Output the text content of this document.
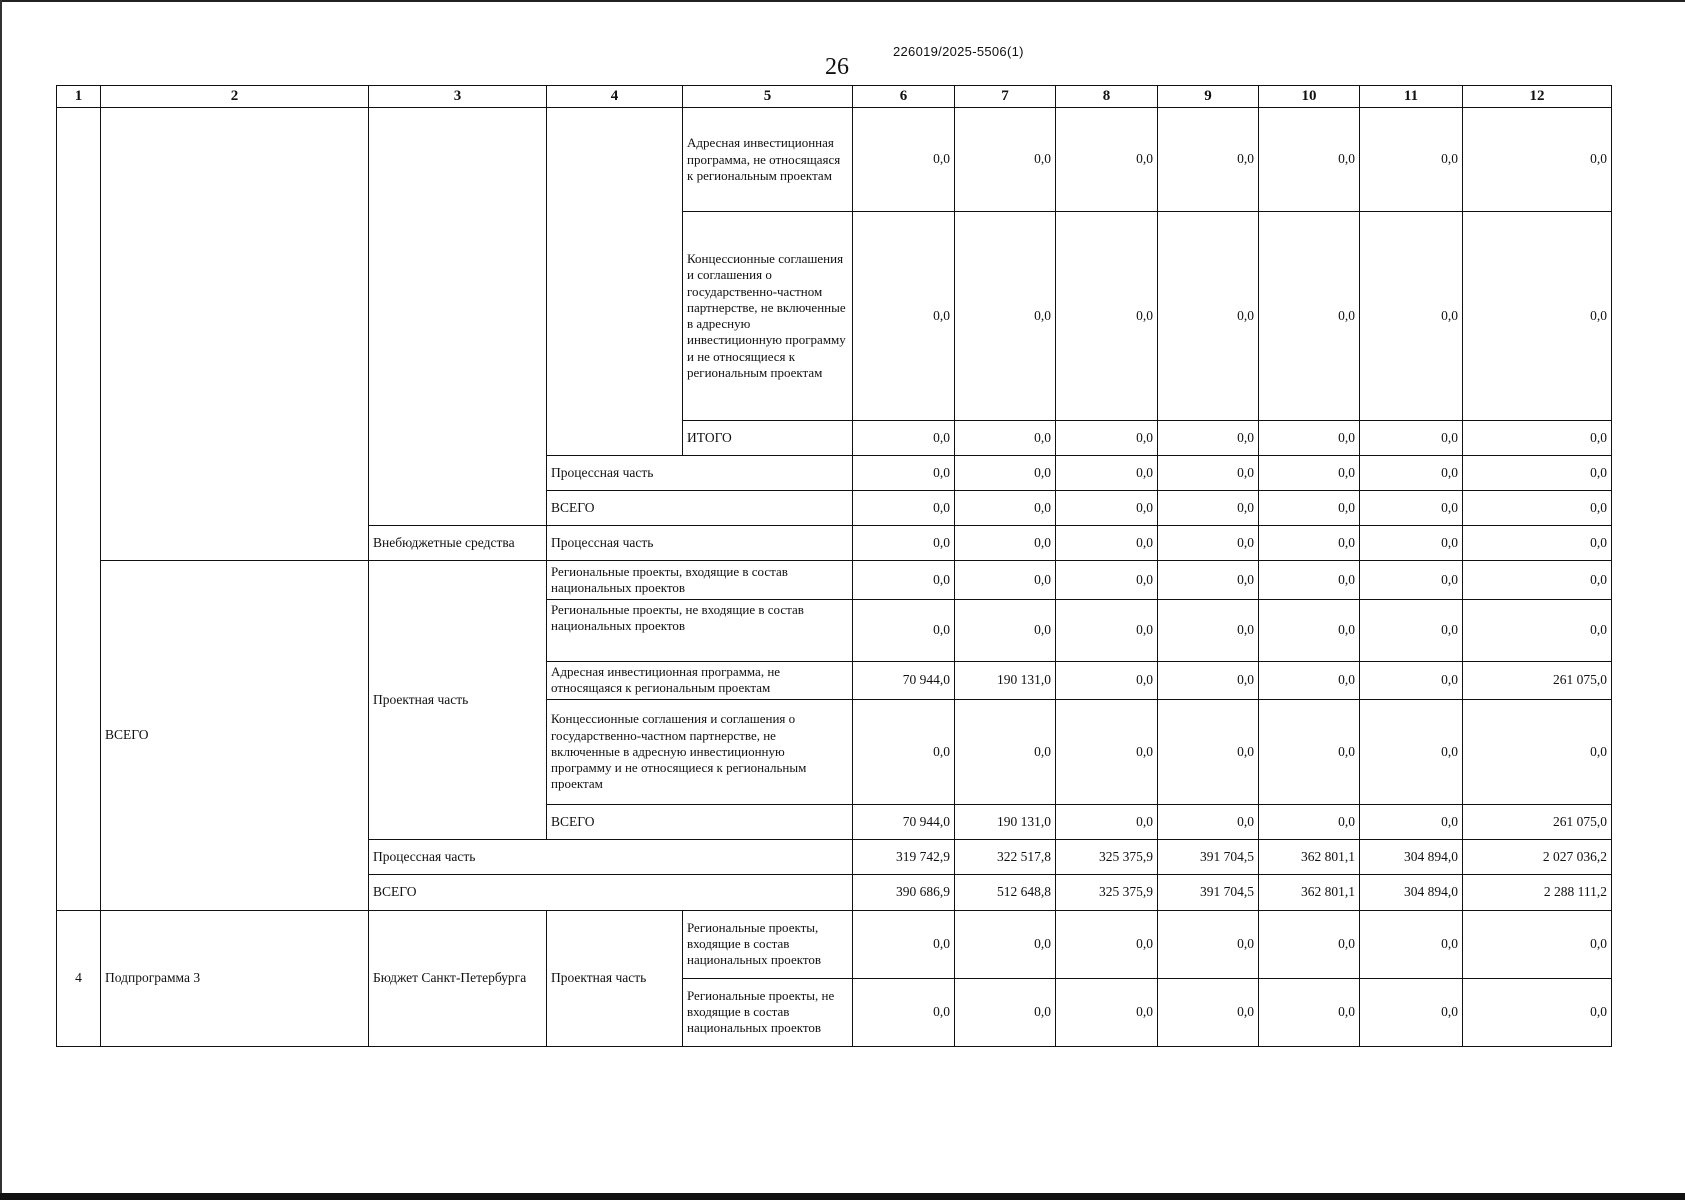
226019/2025-5506(1)
26
1	2	3	4	5	6	7	8	9	10	11	12
				Адресная инвестиционная программа, не относящаяся к региональным проектам	0,0	0,0	0,0	0,0	0,0	0,0	0,0
				Концессионные соглашения и соглашения о государственно-частном партнерстве, не включенные в адресную инвестиционную программу и не относящиеся к региональным проектам	0,0	0,0	0,0	0,0	0,0	0,0	0,0
				ИТОГО	0,0	0,0	0,0	0,0	0,0	0,0	0,0
			Процессная часть		0,0	0,0	0,0	0,0	0,0	0,0	0,0
			ВСЕГО		0,0	0,0	0,0	0,0	0,0	0,0	0,0
		Внебюджетные средства	Процессная часть		0,0	0,0	0,0	0,0	0,0	0,0	0,0
	ВСЕГО	Проектная часть	Региональные проекты, входящие в состав национальных проектов		0,0	0,0	0,0	0,0	0,0	0,0	0,0
			Региональные проекты, не входящие в состав национальных проектов		0,0	0,0	0,0	0,0	0,0	0,0	0,0
			Адресная инвестиционная программа, не относящаяся к региональным проектам		70 944,0	190 131,0	0,0	0,0	0,0	0,0	261 075,0
			Концессионные соглашения и соглашения о государственно-частном партнерстве, не включенные в адресную инвестиционную программу и не относящиеся к региональным проектам		0,0	0,0	0,0	0,0	0,0	0,0	0,0
			ВСЕГО		70 944,0	190 131,0	0,0	0,0	0,0	0,0	261 075,0
		Процессная часть			319 742,9	322 517,8	325 375,9	391 704,5	362 801,1	304 894,0	2 027 036,2
		ВСЕГО			390 686,9	512 648,8	325 375,9	391 704,5	362 801,1	304 894,0	2 288 111,2
4	Подпрограмма 3	Бюджет Санкт-Петербурга	Проектная часть	Региональные проекты, входящие в состав национальных проектов	0,0	0,0	0,0	0,0	0,0	0,0	0,0
				Региональные проекты, не входящие в состав национальных проектов	0,0	0,0	0,0	0,0	0,0	0,0	0,0
